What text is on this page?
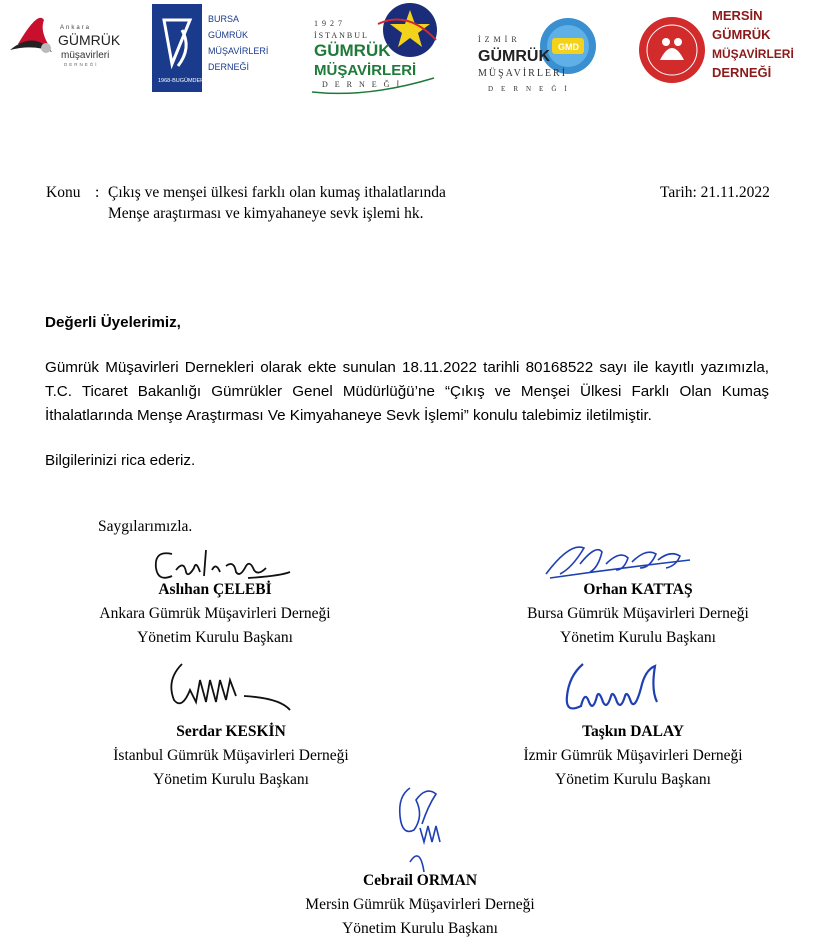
Ankara
GÜMRÜK
müşavirleri
DERNEĞİ
1968-BUGÜMDER
BURSA
GÜMRÜK
MÜŞAVİRLERİ
DERNEĞİ
1927
İSTANBUL
GÜMRÜK
MÜŞAVİRLERİ
DERNEĞİ
GMD
İZMİR
GÜMRÜK
MÜŞAVİRLERİ
DERNEĞİ
MERSİN
GÜMRÜK
MÜŞAVİRLERİ
DERNEĞİ
Konu : Çıkış ve menşei ülkesi farklı olan kumaş ithalatlarında
Menşe araştırması ve kimyahaneye sevk işlemi hk.
Tarih: 21.11.2022
Değerli Üyelerimiz,
Gümrük Müşavirleri Dernekleri olarak ekte sunulan 18.11.2022 tarihli 80168522 sayı ile kayıtlı yazımızla, T.C. Ticaret Bakanlığı Gümrükler Genel Müdürlüğü’ne “Çıkış ve Menşei Ülkesi Farklı Olan Kumaş İthalatlarında Menşe Araştırması Ve Kimyahaneye Sevk İşlemi” konulu talebimiz iletilmiştir.
Bilgilerinizi rica ederiz.
Saygılarımızla.
Aslıhan ÇELEBİ
Ankara Gümrük Müşavirleri Derneği
Yönetim Kurulu Başkanı
Orhan KATTAŞ
Bursa Gümrük Müşavirleri Derneği
Yönetim Kurulu Başkanı
Serdar KESKİN
İstanbul Gümrük Müşavirleri Derneği
Yönetim Kurulu Başkanı
Taşkın DALAY
İzmir Gümrük Müşavirleri Derneği
Yönetim Kurulu Başkanı
Cebrail ORMAN
Mersin Gümrük Müşavirleri Derneği
Yönetim Kurulu Başkanı
